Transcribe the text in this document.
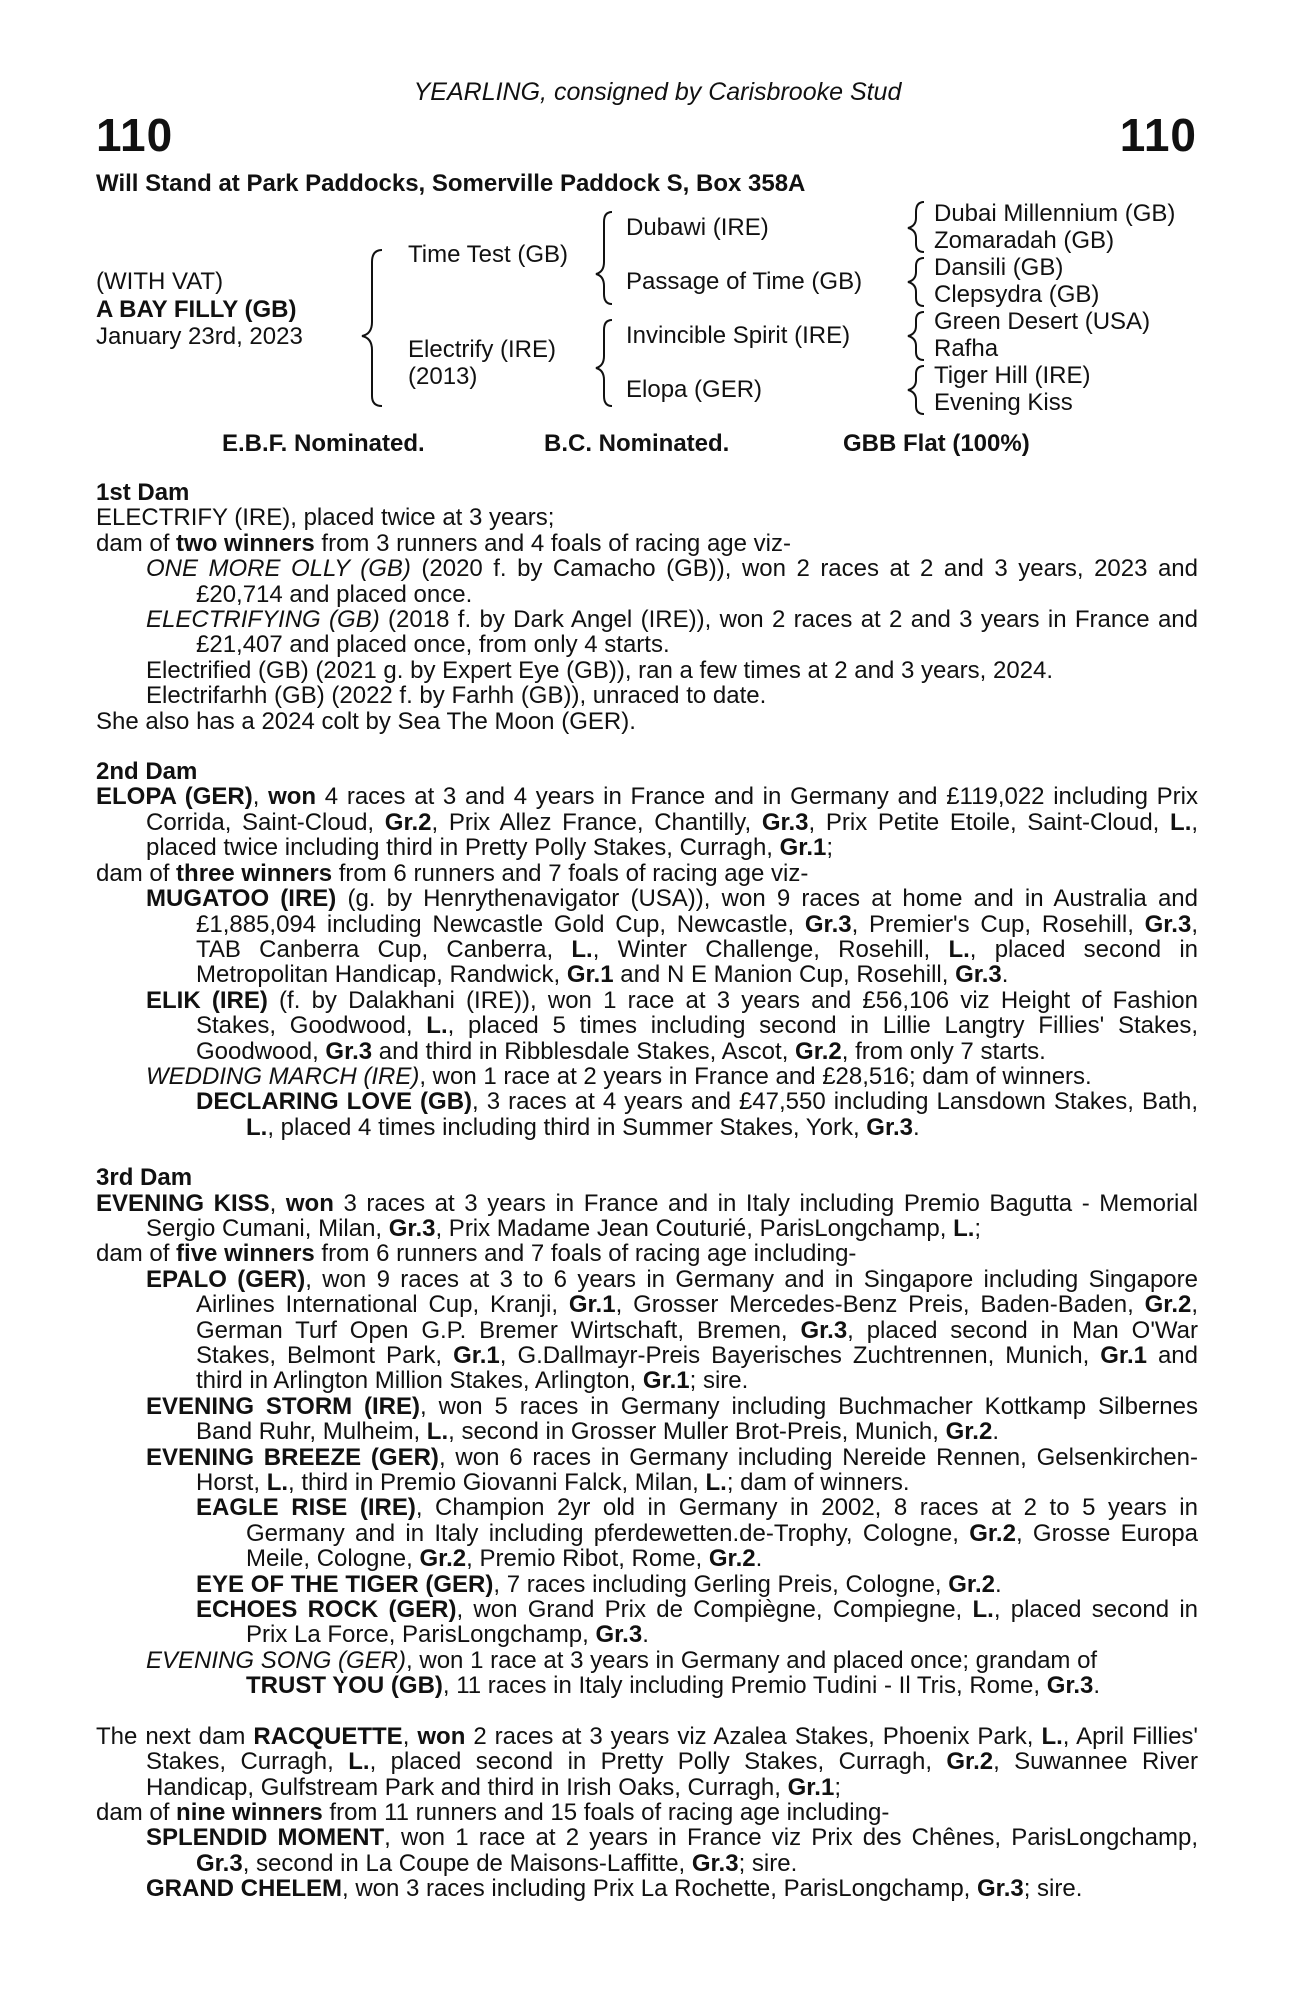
YEARLING, consigned by Carisbrooke Stud
110	110
Will Stand at Park Paddocks, Somerville Paddock S, Box 358A
(WITH VAT)
A BAY FILLY (GB)
January 23rd, 2023
Time Test (GB)
Electrify (IRE)
(2013)
Dubawi (IRE)
Passage of Time (GB)
Invincible Spirit (IRE)
Elopa (GER)
Dubai Millennium (GB)
Zomaradah (GB)
Dansili (GB)
Clepsydra (GB)
Green Desert (USA)
Rafha
Tiger Hill (IRE)
Evening Kiss
E.B.F. Nominated.	B.C. Nominated.	GBB Flat (100%)
1st Dam

ELECTRIFY (IRE), placed twice at 3 years;

dam of two winners from 3 runners and 4 foals of racing age viz-

ONE MORE OLLY (GB) (2020 f. by Camacho (GB)), won 2 races at 2 and 3 years, 2023 and £20,714 and placed once.

ELECTRIFYING (GB) (2018 f. by Dark Angel (IRE)), won 2 races at 2 and 3 years in France and £21,407 and placed once, from only 4 starts.

Electrified (GB) (2021 g. by Expert Eye (GB)), ran a few times at 2 and 3 years, 2024.

Electrifarhh (GB) (2022 f. by Farhh (GB)), unraced to date.

She also has a 2024 colt by Sea The Moon (GER).

2nd Dam

ELOPA (GER), won 4 races at 3 and 4 years in France and in Germany and £119,022 including Prix Corrida, Saint-Cloud, Gr.2, Prix Allez France, Chantilly, Gr.3, Prix Petite Etoile, Saint-Cloud, L., placed twice including third in Pretty Polly Stakes, Curragh, Gr.1;

dam of three winners from 6 runners and 7 foals of racing age viz-

MUGATOO (IRE) (g. by Henrythenavigator (USA)), won 9 races at home and in Australia and £1,885,094 including Newcastle Gold Cup, Newcastle, Gr.3, Premier's Cup, Rosehill, Gr.3, TAB Canberra Cup, Canberra, L., Winter Challenge, Rosehill, L., placed second in Metropolitan Handicap, Randwick, Gr.1 and N E Manion Cup, Rosehill, Gr.3.

ELIK (IRE) (f. by Dalakhani (IRE)), won 1 race at 3 years and £56,106 viz Height of Fashion Stakes, Goodwood, L., placed 5 times including second in Lillie Langtry Fillies' Stakes, Goodwood, Gr.3 and third in Ribblesdale Stakes, Ascot, Gr.2, from only 7 starts.

WEDDING MARCH (IRE), won 1 race at 2 years in France and £28,516; dam of winners.

DECLARING LOVE (GB), 3 races at 4 years and £47,550 including Lansdown Stakes, Bath, L., placed 4 times including third in Summer Stakes, York, Gr.3.

3rd Dam

EVENING KISS, won 3 races at 3 years in France and in Italy including Premio Bagutta - Memorial Sergio Cumani, Milan, Gr.3, Prix Madame Jean Couturié, ParisLongchamp, L.;

dam of five winners from 6 runners and 7 foals of racing age including-

EPALO (GER), won 9 races at 3 to 6 years in Germany and in Singapore including Singapore Airlines International Cup, Kranji, Gr.1, Grosser Mercedes-Benz Preis, Baden-Baden, Gr.2, German Turf Open G.P. Bremer Wirtschaft, Bremen, Gr.3, placed second in Man O'War Stakes, Belmont Park, Gr.1, G.Dallmayr-Preis Bayerisches Zuchtrennen, Munich, Gr.1 and third in Arlington Million Stakes, Arlington, Gr.1; sire.

EVENING STORM (IRE), won 5 races in Germany including Buchmacher Kottkamp Silbernes Band Ruhr, Mulheim, L., second in Grosser Muller Brot-Preis, Munich, Gr.2.

EVENING BREEZE (GER), won 6 races in Germany including Nereide Rennen, Gelsenkirchen-Horst, L., third in Premio Giovanni Falck, Milan, L.; dam of winners.

EAGLE RISE (IRE), Champion 2yr old in Germany in 2002, 8 races at 2 to 5 years in Germany and in Italy including pferdewetten.de-Trophy, Cologne, Gr.2, Grosse Europa Meile, Cologne, Gr.2, Premio Ribot, Rome, Gr.2.

EYE OF THE TIGER (GER), 7 races including Gerling Preis, Cologne, Gr.2.

ECHOES ROCK (GER), won Grand Prix de Compiègne, Compiegne, L., placed second in Prix La Force, ParisLongchamp, Gr.3.

EVENING SONG (GER), won 1 race at 3 years in Germany and placed once; grandam of

TRUST YOU (GB), 11 races in Italy including Premio Tudini - Il Tris, Rome, Gr.3.

The next dam RACQUETTE, won 2 races at 3 years viz Azalea Stakes, Phoenix Park, L., April Fillies' Stakes, Curragh, L., placed second in Pretty Polly Stakes, Curragh, Gr.2, Suwannee River Handicap, Gulfstream Park and third in Irish Oaks, Curragh, Gr.1;

dam of nine winners from 11 runners and 15 foals of racing age including-

SPLENDID MOMENT, won 1 race at 2 years in France viz Prix des Chênes, ParisLongchamp, Gr.3, second in La Coupe de Maisons-Laffitte, Gr.3; sire.

GRAND CHELEM, won 3 races including Prix La Rochette, ParisLongchamp, Gr.3; sire.
